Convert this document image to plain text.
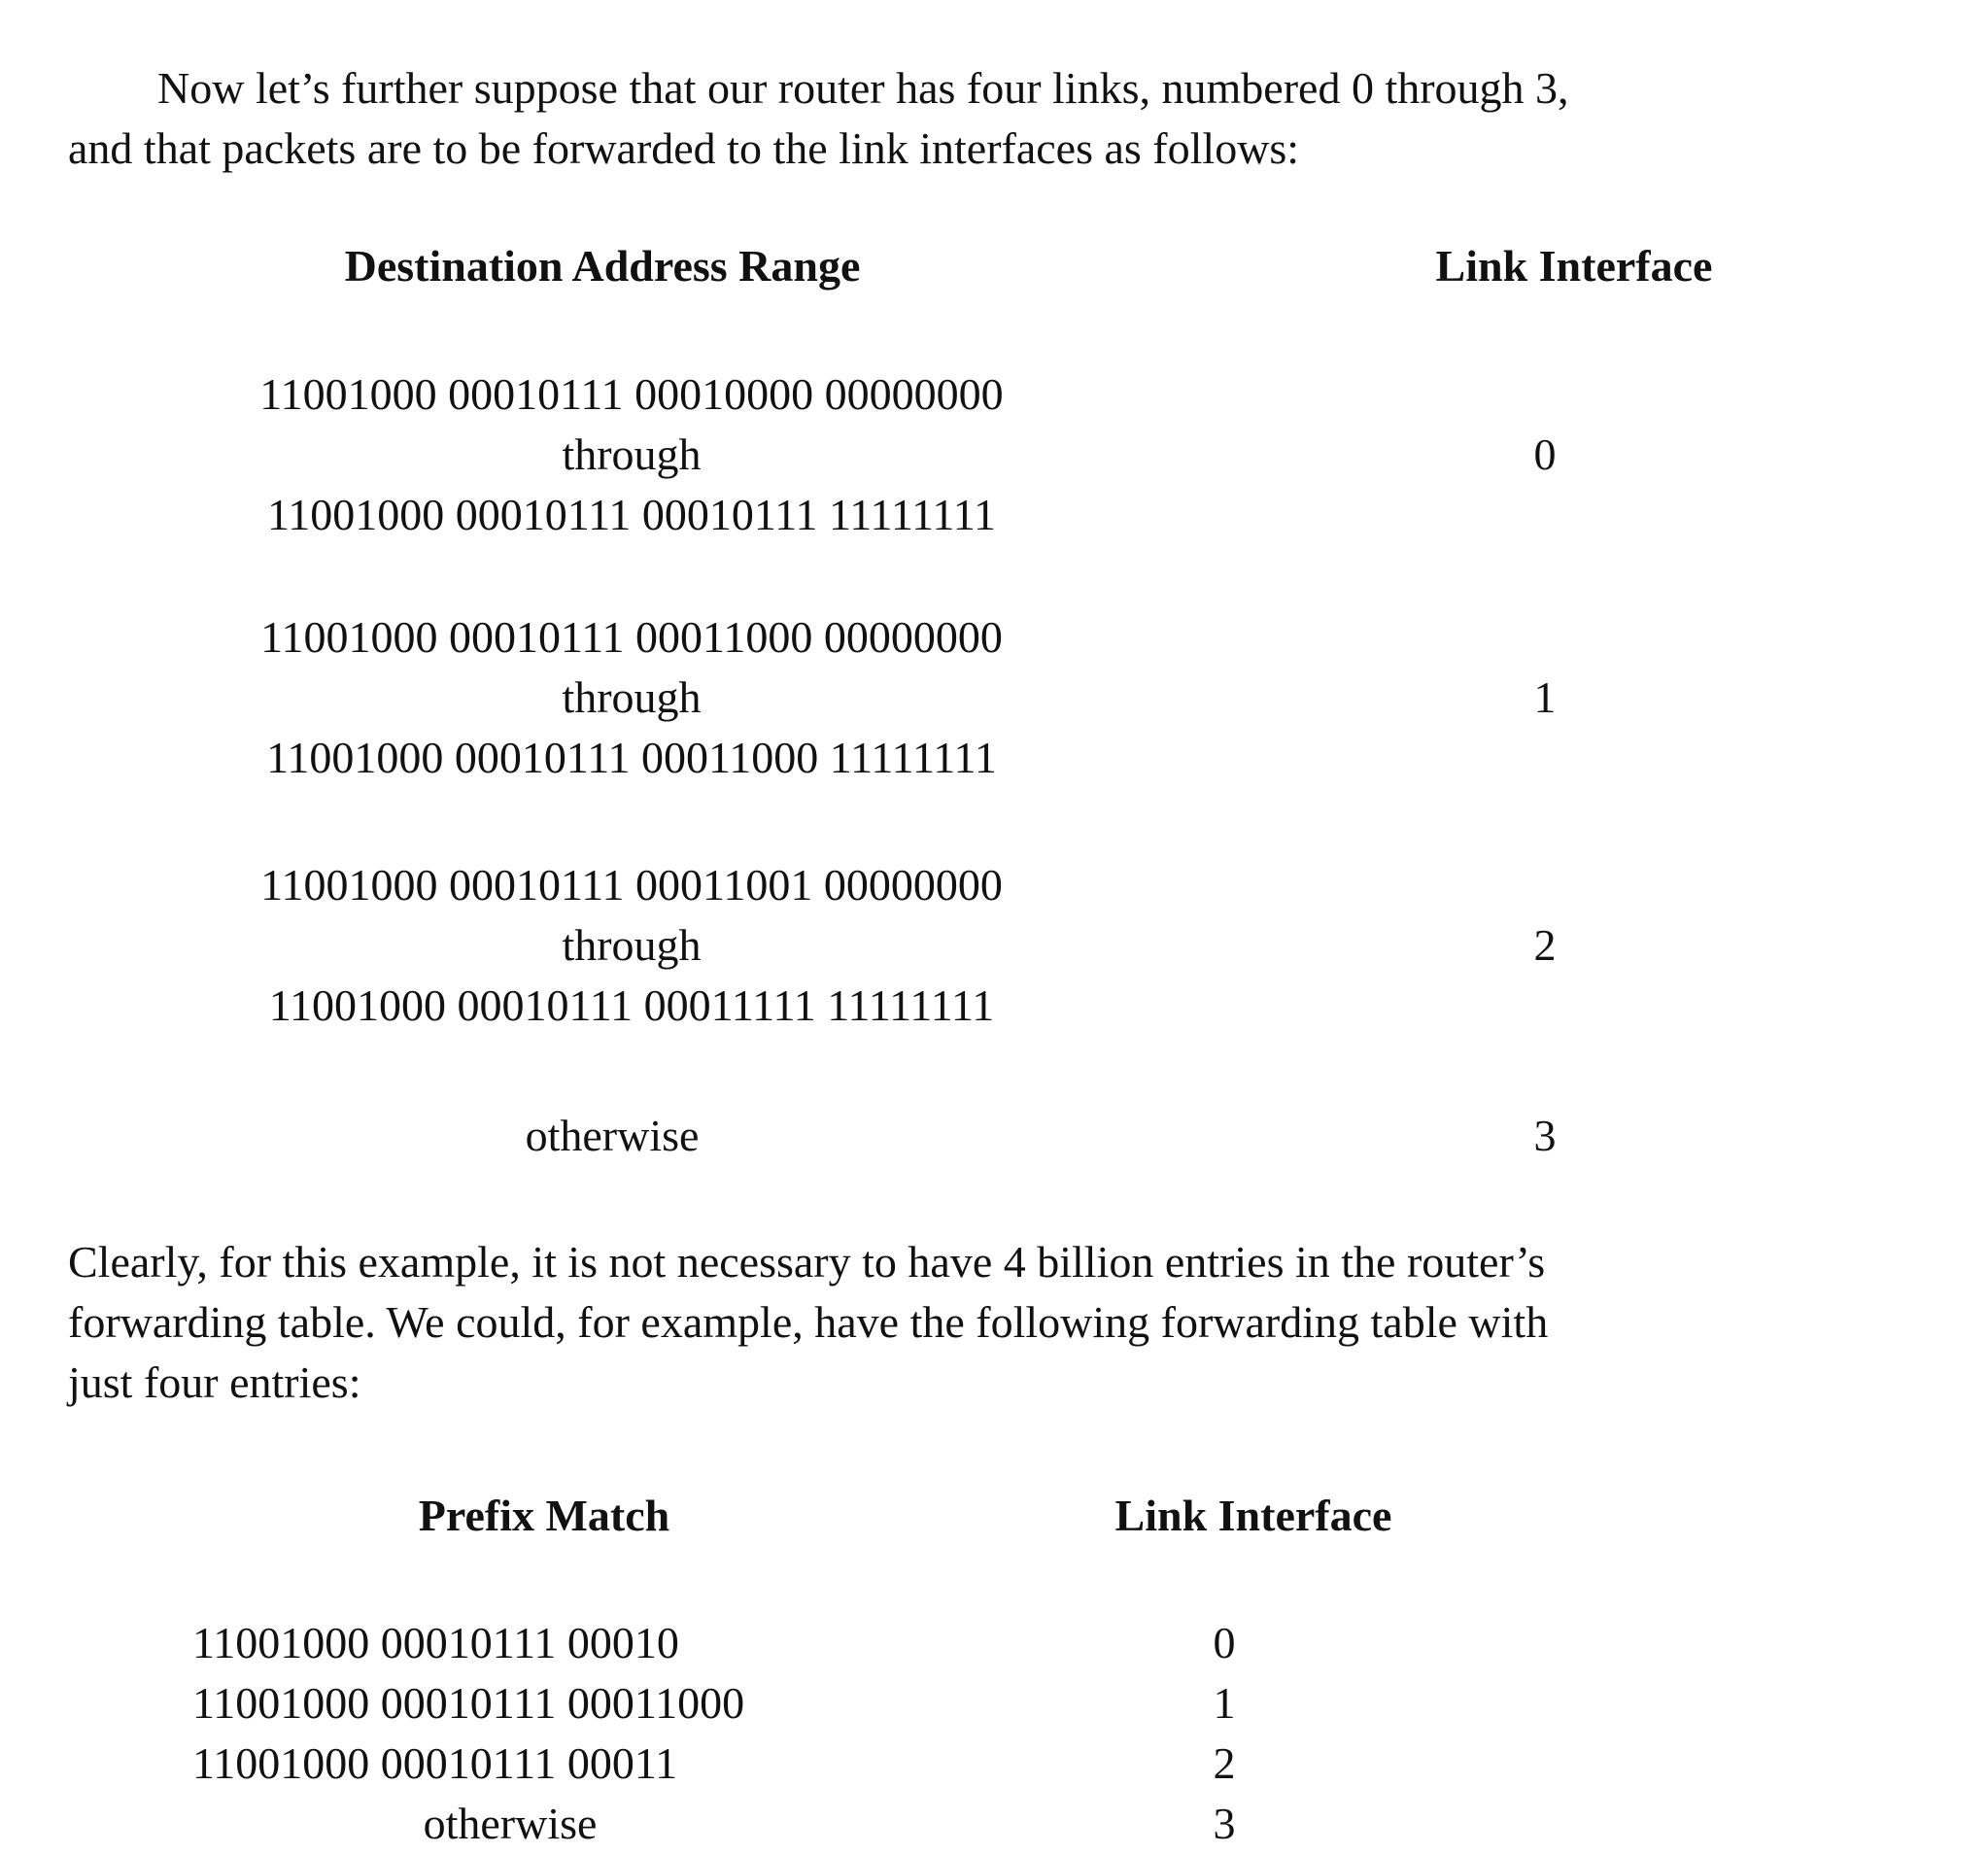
Now let’s further suppose that our router has four links, numbered 0 through 3,
and that packets are to be forwarded to the link interfaces as follows:
Destination Address Range	Link Interface
11001000 00010111 00010000 00000000
through
11001000 00010111 00010111 11111111
0
11001000 00010111 00011000 00000000
through
11001000 00010111 00011000 11111111
1
11001000 00010111 00011001 00000000
through
11001000 00010111 00011111 11111111
2
otherwise	3
Clearly, for this example, it is not necessary to have 4 billion entries in the router’s
forwarding table. We could, for example, have the following forwarding table with
just four entries:
Prefix Match	Link Interface
11001000 00010111 00010	0
11001000 00010111 00011000	1
11001000 00010111 00011	2
otherwise	3
